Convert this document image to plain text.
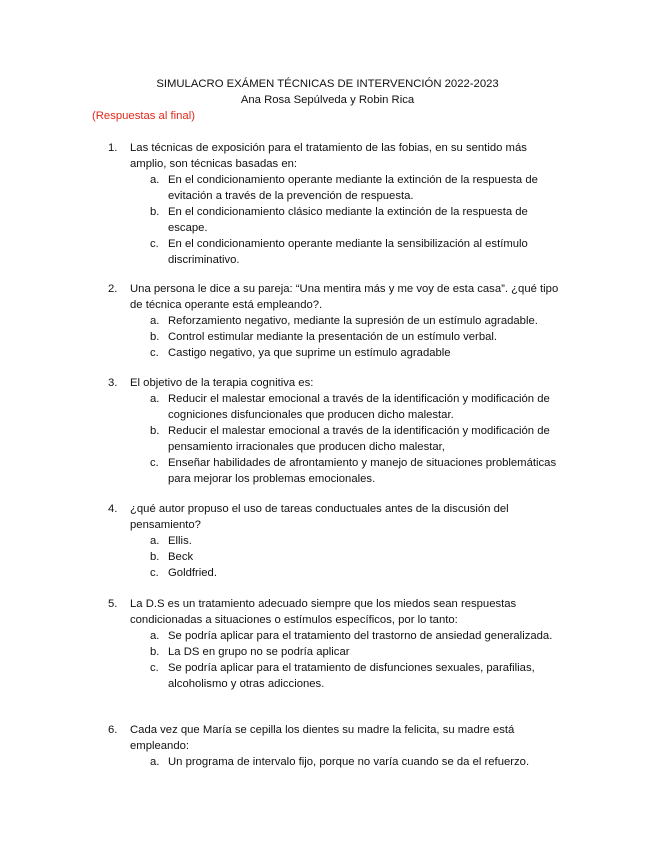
SIMULACRO EXÁMEN TÉCNICAS DE INTERVENCIÓN 2022-2023
Ana Rosa Sepúlveda y Robin Rica
(Respuestas al final)
1. Las técnicas de exposición para el tratamiento de las fobias, en su sentido más amplio, son técnicas basadas en:
a. En el condicionamiento operante mediante la extinción de la respuesta de evitación a través de la prevención de respuesta.
b. En el condicionamiento clásico mediante la extinción de la respuesta de escape.
c. En el condicionamiento operante mediante la sensibilización al estímulo discriminativo.
2. Una persona le dice a su pareja: “Una mentira más y me voy de esta casa”. ¿qué tipo de técnica operante está empleando?.
a. Reforzamiento negativo, mediante la supresión de un estímulo agradable.
b. Control estimular mediante la presentación de un estímulo verbal.
c. Castigo negativo, ya que suprime un estímulo agradable
3. El objetivo de la terapia cognitiva es:
a. Reducir el malestar emocional a través de la identificación y modificación de cogniciones disfuncionales que producen dicho malestar.
b. Reducir el malestar emocional a través de la identificación y modificación de pensamiento irracionales que producen dicho malestar,
c. Enseñar habilidades de afrontamiento y manejo de situaciones problemáticas para mejorar los problemas emocionales.
4. ¿qué autor propuso el uso de tareas conductuales antes de la discusión del pensamiento?
a. Ellis.
b. Beck
c. Goldfried.
5. La D.S es un tratamiento adecuado siempre que los miedos sean respuestas condicionadas a situaciones o estímulos específicos, por lo tanto:
a. Se podría aplicar para el tratamiento del trastorno de ansiedad generalizada.
b. La DS en grupo no se podría aplicar
c. Se podría aplicar para el tratamiento de disfunciones sexuales, parafilias, alcoholismo y otras adicciones.
6. Cada vez que María se cepilla los dientes su madre la felicita, su madre está empleando:
a. Un programa de intervalo fijo, porque no varía cuando se da el refuerzo.
